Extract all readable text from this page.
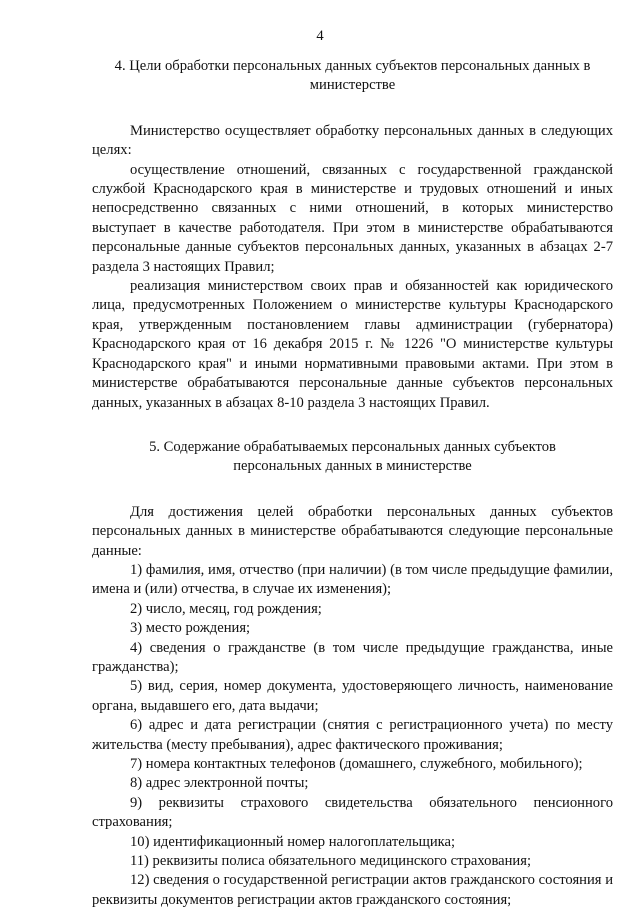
4

4. Цели обработки персональных данных субъектов персональных данных в министерстве

Министерство осуществляет обработку персональных данных в следующих целях:

осуществление отношений, связанных с государственной гражданской службой Краснодарского края в министерстве и трудовых отношений и иных непосредственно связанных с ними отношений, в которых министерство выступает в качестве работодателя. При этом в министерстве обрабатываются персональные данные субъектов персональных данных, указанных в абзацах 2-7 раздела 3 настоящих Правил;

реализация министерством своих прав и обязанностей как юридического лица, предусмотренных Положением о министерстве культуры Краснодарского края, утвержденным постановлением главы администрации (губернатора) Краснодарского края от 16 декабря 2015 г. № 1226 "О министерстве культуры Краснодарского края" и иными нормативными правовыми актами. При этом в министерстве обрабатываются персональные данные субъектов персональных данных, указанных в абзацах 8-10 раздела 3 настоящих Правил.

5. Содержание обрабатываемых персональных данных субъектов персональных данных в министерстве

Для достижения целей обработки персональных данных субъектов персональных данных в министерстве обрабатываются следующие персональные данные:

1) фамилия, имя, отчество (при наличии) (в том числе предыдущие фамилии, имена и (или) отчества, в случае их изменения);

2) число, месяц, год рождения;

3) место рождения;

4) сведения о гражданстве (в том числе предыдущие гражданства, иные гражданства);

5) вид, серия, номер документа, удостоверяющего личность, наименование органа, выдавшего его, дата выдачи;

6) адрес и дата регистрации (снятия с регистрационного учета) по месту жительства (месту пребывания), адрес фактического проживания;

7) номера контактных телефонов (домашнего, служебного, мобильного);

8) адрес электронной почты;

9) реквизиты страхового свидетельства обязательного пенсионного страхования;

10) идентификационный номер налогоплательщика;

11) реквизиты полиса обязательного медицинского страхования;

12) сведения о государственной регистрации актов гражданского состояния и реквизиты документов регистрации актов гражданского состояния;
